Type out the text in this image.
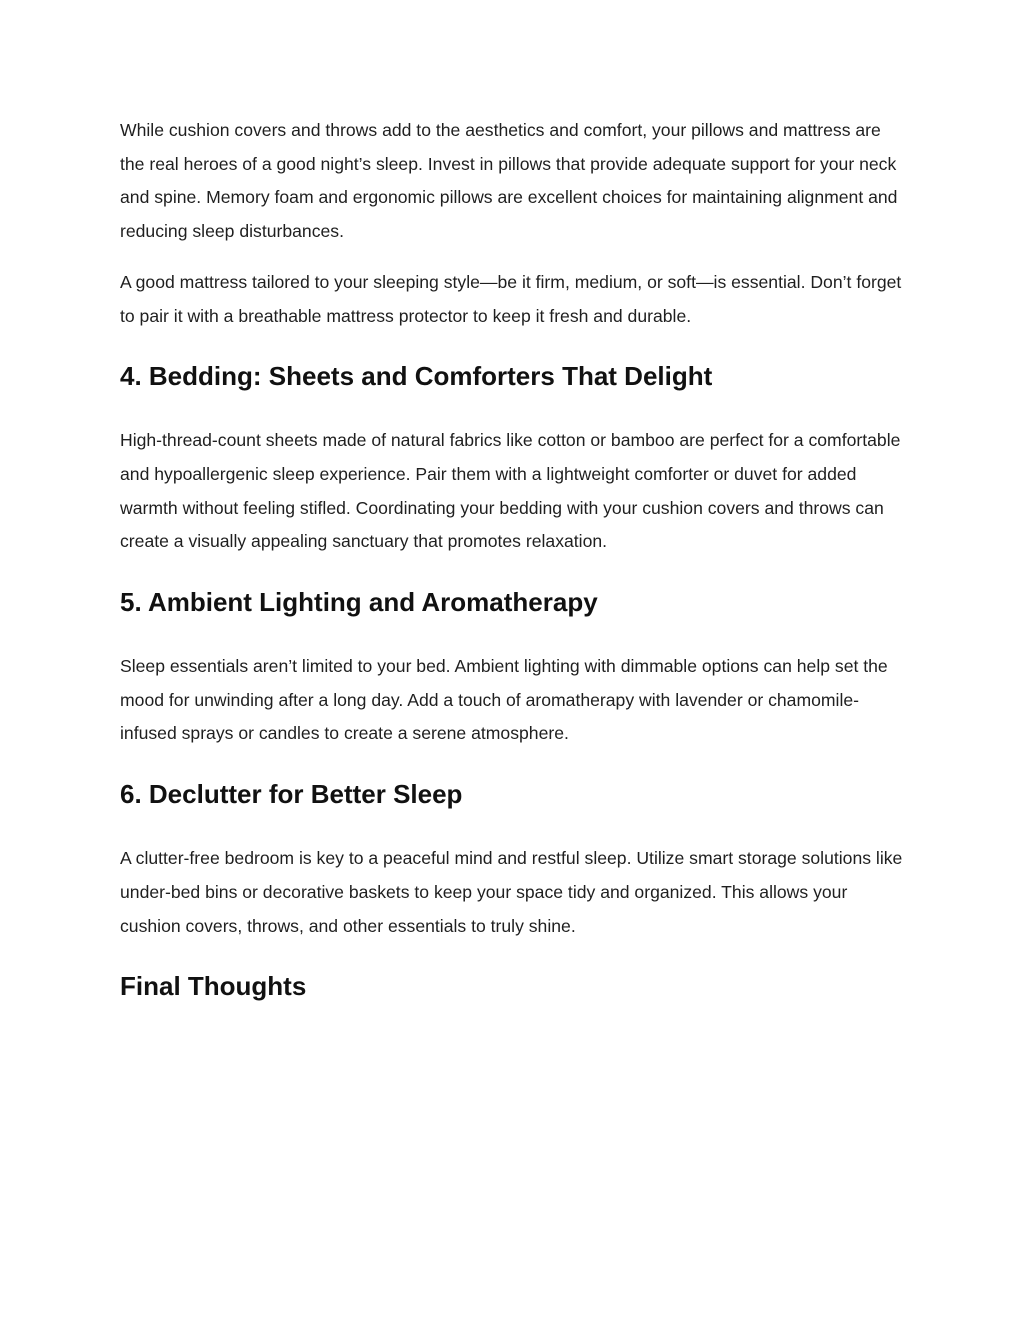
While cushion covers and throws add to the aesthetics and comfort, your pillows and mattress are the real heroes of a good night’s sleep. Invest in pillows that provide adequate support for your neck and spine. Memory foam and ergonomic pillows are excellent choices for maintaining alignment and reducing sleep disturbances.

A good mattress tailored to your sleeping style—be it firm, medium, or soft—is essential. Don’t forget to pair it with a breathable mattress protector to keep it fresh and durable.

4. Bedding: Sheets and Comforters That Delight

High-thread-count sheets made of natural fabrics like cotton or bamboo are perfect for a comfortable and hypoallergenic sleep experience. Pair them with a lightweight comforter or duvet for added warmth without feeling stifled. Coordinating your bedding with your cushion covers and throws can create a visually appealing sanctuary that promotes relaxation.

5. Ambient Lighting and Aromatherapy

Sleep essentials aren’t limited to your bed. Ambient lighting with dimmable options can help set the mood for unwinding after a long day. Add a touch of aromatherapy with lavender or chamomile-infused sprays or candles to create a serene atmosphere.

6. Declutter for Better Sleep

A clutter-free bedroom is key to a peaceful mind and restful sleep. Utilize smart storage solutions like under-bed bins or decorative baskets to keep your space tidy and organized. This allows your cushion covers, throws, and other essentials to truly shine.

Final Thoughts
